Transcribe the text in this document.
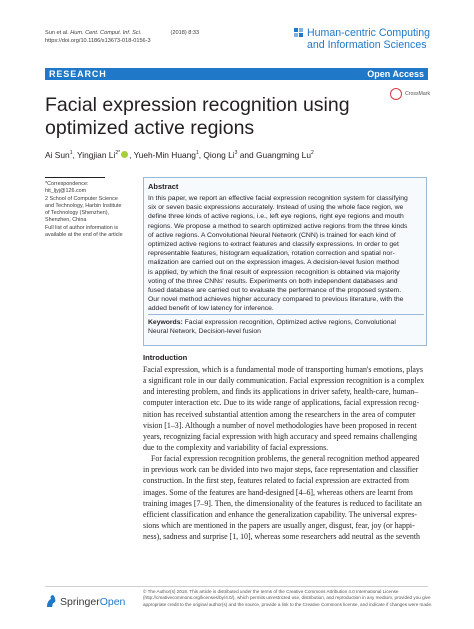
Sun et al. Hum. Cent. Comput. Inf. Sci.	(2018) 8:33
https://doi.org/10.1186/s13673-018-0156-3
Human-centric Computing
and Information Sciences
RESEARCH	Open Access
CrossMark
Facial expression recognition using optimized active regions
Ai Sun$^1$, Yingjian $Li^{2*}$ , Yueh-Min Huang$^1$, Qiong Li$^3$ and Guangming Lu$^2$

*Correspondence:

hit_ljyj@126.com

2 School of Computer Science and Technology, Harbin Institute of Technology (Shenzhen), Shenzhen, China

Full list of author information is available at the end of the article

Abstract
In this paper, we report an effective facial expression recognition system for classifying
six or seven basic expressions accurately. Instead of using the whole face region, we
define three kinds of active regions, i.e., left eye regions, right eye regions and mouth
regions. We propose a method to search optimized active regions from the three kinds
of active regions. A Convolutional Neural Network (CNN) is trained for each kind of
optimized active regions to extract features and classify expressions. In order to get
representable features, histogram equalization, rotation correction and spatial nor-
malization are carried out on the expression images. A decision-level fusion method
is applied, by which the final result of expression recognition is obtained via majority
voting of the three CNNs' results. Experiments on both independent databases and
fused database are carried out to evaluate the performance of the proposed system.
Our novel method achieves higher accuracy compared to previous literature, with the
added benefit of low latency for inference.
Keywords: Facial expression recognition, Optimized active regions, Convolutional
Neural Network, Decision-level fusion
Introduction
Facial expression, which is a fundamental mode of transporting human's emotions, plays
a significant role in our daily communication. Facial expression recognition is a complex
and interesting problem, and finds its applications in driver safety, health-care, human–
computer interaction etc. Due to its wide range of applications, facial expression recog-
nition has received substantial attention among the researchers in the area of computer
vision [1–3]. Although a number of novel methodologies have been proposed in recent
years, recognizing facial expression with high accuracy and speed remains challenging
due to the complexity and variability of facial expressions.
For facial expression recognition problems, the general recognition method appeared
in previous work can be divided into two major steps, face representation and classifier
construction. In the first step, features related to facial expression are extracted from
images. Some of the features are hand-designed [4–6], whereas others are learnt from
training images [7–9]. Then, the dimensionality of the features is reduced to facilitate an
efficient classification and enhance the generalization capability. The universal expres-
sions which are mentioned in the papers are usually anger, disgust, fear, joy (or happi-
ness), sadness and surprise [1, 10], whereas some researchers add neutral as the seventh
SpringerOpen
© The Author(s) 2018. This article is distributed under the terms of the Creative Commons Attribution 4.0 International License (http://creativecommons.org/licenses/by/4.0/), which permits unrestricted use, distribution, and reproduction in any medium, provided you give appropriate credit to the original author(s) and the source, provide a link to the Creative Commons license, and indicate if changes were made.
